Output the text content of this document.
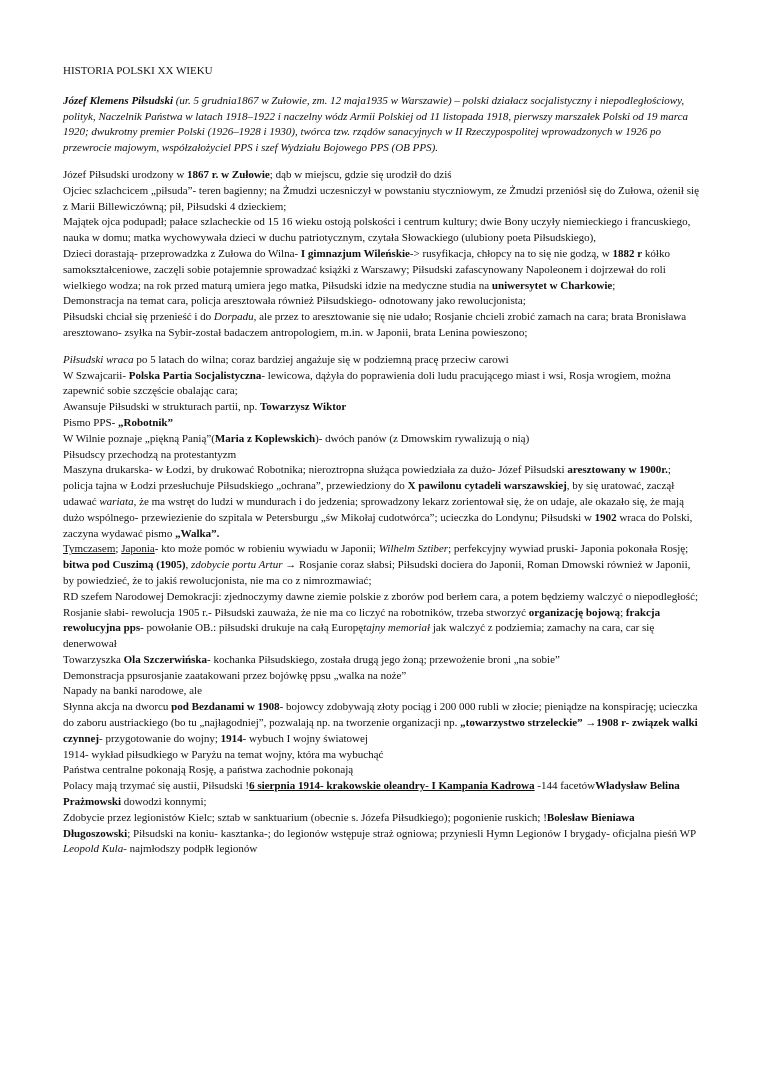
HISTORIA POLSKI XX WIEKU

Józef Klemens Piłsudski (ur. 5 grudnia1867 w Zułowie, zm. 12 maja1935 w Warszawie) – polski działacz socjalistyczny i niepodległościowy, polityk, Naczelnik Państwa w latach 1918–1922 i naczelny wódz Armii Polskiej od 11 listopada 1918, pierwszy marszałek Polski od 19 marca 1920; dwukrotny premier Polski (1926–1928 i 1930), twórca tzw. rządów sanacyjnych w II Rzeczypospolitej wprowadzonych w 1926 po przewrocie majowym, współzałożyciel PPS i szef Wydziału Bojowego PPS (OB PPS).

Józef Piłsudski urodzony w 1867 r. w Zułowie; dąb w miejscu, gdzie się urodził do dziś

Ojciec szlachcicem „piłsuda”- teren bagienny; na Żmudzi uczesniczył w powstaniu styczniowym, ze Żmudzi przeniósł się do Zułowa, ożenił się z Marii Billewiczówną; pił, Piłsudski 4 dzieckiem;

Majątek ojca podupadł; pałace szlacheckie od 15 16 wieku ostoją polskości i centrum kultury; dwie Bony uczyły niemieckiego i francuskiego, nauka w domu; matka wychowywała dzieci w duchu patriotycznym, czytała Słowackiego (ulubiony poeta Piłsudskiego),

Dzieci dorastają- przeprowadzka z Zułowa do Wilna- I gimnazjum Wileńskie-> rusyfikacja, chłopcy na to się nie godzą, w 1882 r kółko samokształceniowe, zaczęli sobie potajemnie sprowadzać książki z Warszawy; Piłsudski zafascynowany Napoleonem i dojrzewał do roli wielkiego wodza; na rok przed maturą umiera jego matka, Piłsudski idzie na medyczne studia na uniwersytet w Charkowie;

Demonstracja na temat cara, policja aresztowała również Piłsudskiego- odnotowany jako rewolucjonista;

Piłsudski chciał się przenieść i do Dorpadu, ale przez to aresztowanie się nie udało; Rosjanie chcieli zrobić zamach na cara; brata Bronisława aresztowano- zsyłka na Sybir-został badaczem antropologiem, m.in. w Japonii, brata Lenina powieszono;

Piłsudski wraca po 5 latach do wilna; coraz bardziej angażuje się w podziemną pracę przeciw carowi

W Szwajcarii- Polska Partia Socjalistyczna- lewicowa, dążyła do poprawienia doli ludu pracującego miast i wsi, Rosja wrogiem, można zapewnić sobie szczęście obalając cara;

Awansuje Piłsudski w strukturach partii, np. Towarzysz Wiktor

Pismo PPS- „Robotnik”

W Wilnie poznaje „piękną Panią”(Maria z Koplewskich)- dwóch panów (z Dmowskim rywalizują o nią)

Piłsudscy przechodzą na protestantyzm

Maszyna drukarska- w Łodzi, by drukować Robotnika; nieroztropna służąca powiedziała za dużo- Józef Piłsudski aresztowany w 1900r.;

policja tajna w Łodzi przesłuchuje Piłsudskiego „ochrana”, przewiedziony do X pawilonu cytadeli warszawskiej, by się uratować, zaczął udawać wariata, że ma wstręt do ludzi w mundurach i do jedzenia; sprowadzony lekarz zorientował się, że on udaje, ale okazało się, że mają dużo wspólnego- przewiezienie do szpitala w Petersburgu „św Mikołaj cudotwórca”; ucieczka do Londynu; Piłsudski w 1902 wraca do Polski, zaczyna wydawać pismo „Walka”.

Tymczasem; Japonia- kto może pomóc w robieniu wywiadu w Japonii; Wilhelm Sztiber; perfekcyjny wywiad pruski- Japonia pokonała Rosję; bitwa pod Cuszimą (1905), zdobycie portu Artur → Rosjanie coraz słabsi; Piłsudski dociera do Japonii, Roman Dmowski również w Japonii, by powiedzieć, że to jakiś rewolucjonista, nie ma co z nimrozmawiać;

RD szefem Narodowej Demokracji: zjednoczymy dawne ziemie polskie z zborów pod berłem cara, a potem będziemy walczyć o niepodległość;

Rosjanie słabi- rewolucja 1905 r.- Piłsudski zauważa, że nie ma co liczyć na robotników, trzeba stworzyć organizację bojową; frakcja rewolucyjna pps- powołanie OB.: piłsudski drukuje na całą Europętajny memoriał jak walczyć z podziemia; zamachy na cara, car się denerwował

Towarzyszka Ola Szczerwińska- kochanka Piłsudskiego, została drugą jego żoną; przewożenie broni „na sobie”

Demonstracja ppsurosjanie zaatakowani przez bojówkę ppsu „walka na noże”

Napady na banki narodowe, ale

Słynna akcja na dworcu pod Bezdanami w 1908- bojowcy zdobywają złoty pociąg i 200 000 rubli w złocie; pieniądze na konspirację; ucieczka do zaboru austriackiego (bo tu „najłagodniej”, pozwalają np. na tworzenie organizacji np. „towarzystwo strzeleckie” →1908 r- związek walki czynnej- przygotowanie do wojny; 1914- wybuch I wojny światowej

1914- wykład piłsudkiego w Paryżu na temat wojny, która ma wybuchąć

Państwa centralne pokonają Rosję, a państwa zachodnie pokonają

Polacy mają trzymać się austii, Piłsudski !6 sierpnia 1914- krakowskie oleandry- I Kampania Kadrowa -144 facetówWładysław Belina Prażmowski dowodzi konnymi;

Zdobycie przez legionistów Kielc; sztab w sanktuarium (obecnie s. Józefa Piłsudkiego); pogonienie ruskich; !Bolesław Bieniawa Długoszowski; Piłsudski na koniu- kasztanka-; do legionów wstępuje straż ogniowa; przyniesli Hymn Legionów I brygady- oficjalna pieśń WP

Leopold Kula- najmłodszy podpłk legionów
